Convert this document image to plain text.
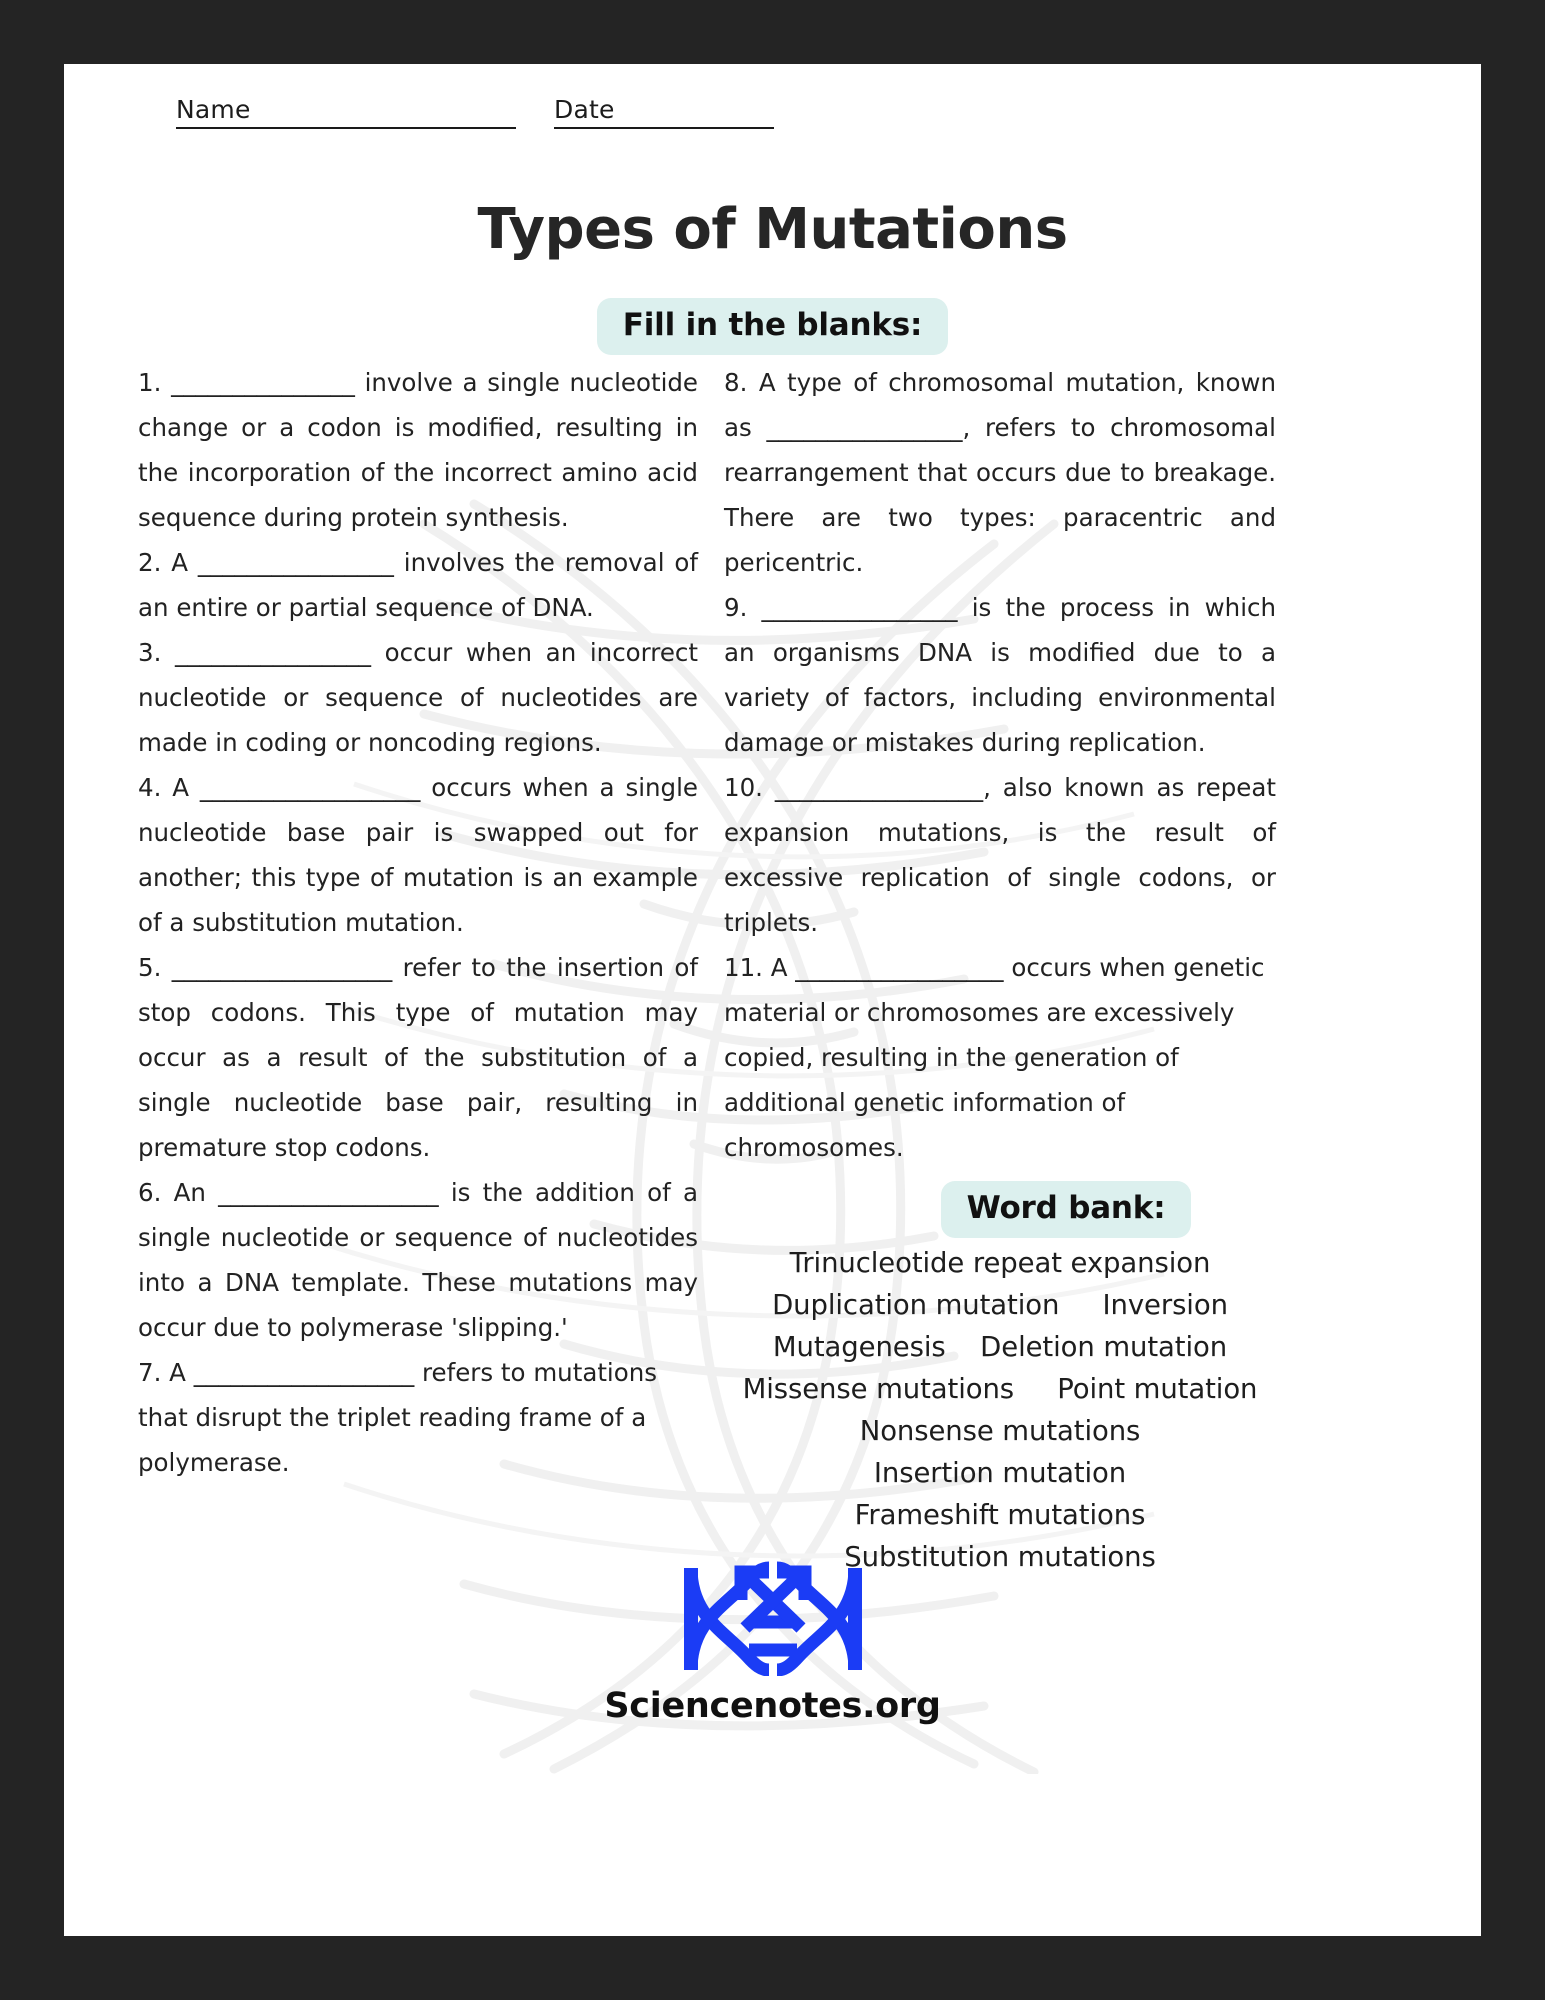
Name	Date
Types of Mutations
Fill in the blanks:

1. _______________ involve a single nucleotide change or a codon is modified, resulting in the incorporation of the incorrect amino acid sequence during protein synthesis.

2. A ________________ involves the removal of an entire or partial sequence of DNA.

3. ________________ occur when an incorrect nucleotide or sequence of nucleotides are made in coding or noncoding regions.

4. A __________________ occurs when a single nucleotide base pair is swapped out for another; this type of mutation is an example of a substitution mutation.

5. __________________ refer to the insertion of stop codons. This type of mutation may occur as a result of the substitution of a single nucleotide base pair, resulting in premature stop codons.

6. An __________________ is the addition of a single nucleotide or sequence of nucleotides into a DNA template. These mutations may occur due to polymerase 'slipping.'

7. A __________________ refers to mutations that disrupt the triplet reading frame of a polymerase.

8. A type of chromosomal mutation, known as ________________, refers to chromosomal rearrangement that occurs due to breakage. There are two types: paracentric and pericentric.

9. ________________ is the process in which an organisms DNA is modified due to a variety of factors, including environmental damage or mistakes during replication.

10. _________________, also known as repeat expansion mutations, is the result of excessive replication of single codons, or triplets.

11. A _________________ occurs when genetic material or chromosomes are excessively copied, resulting in the generation of additional genetic information of chromosomes.

Word bank:
Trinucleotide repeat expansion
Duplication mutation     Inversion
Mutagenesis    Deletion mutation
Missense mutations     Point mutation
Nonsense mutations
Insertion mutation
Frameshift mutations
Substitution mutations
Sciencenotes.org
